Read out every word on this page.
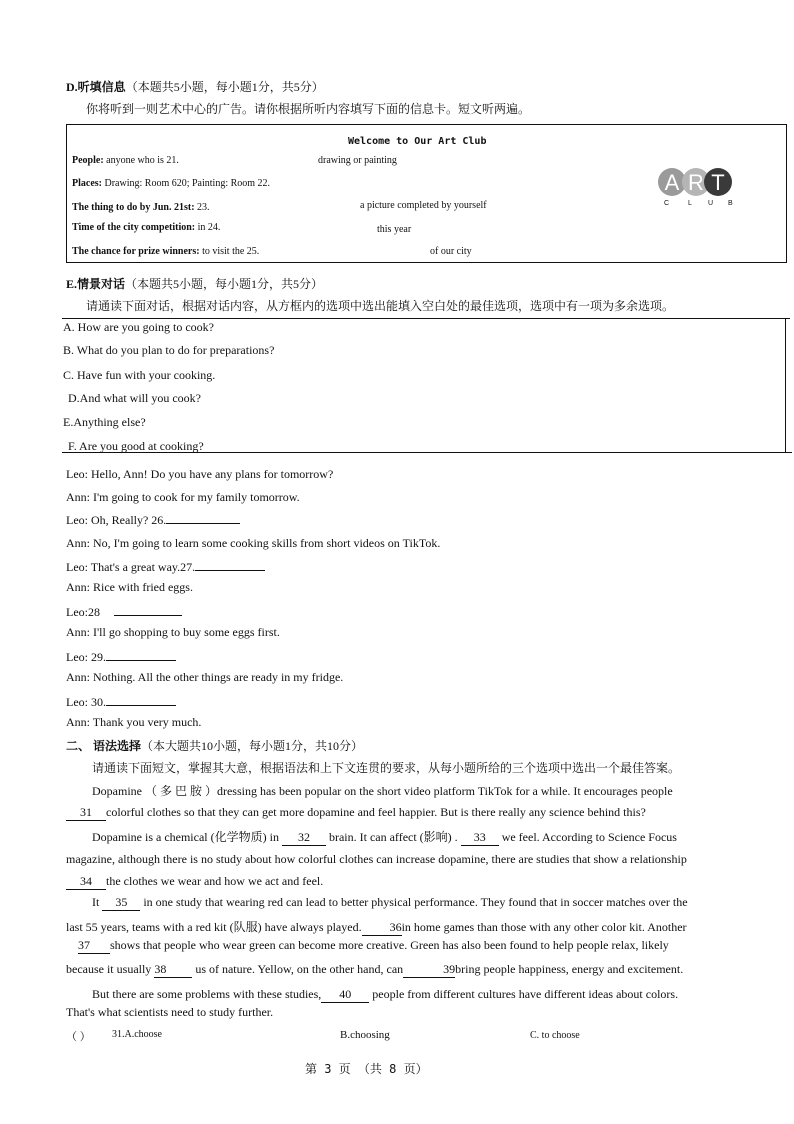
D.听填信息（本题共5小题，每小题1分，共5分）
你将听到一则艺术中心的广告。请你根据所听内容填写下面的信息卡。短文听两遍。
Welcome to Our Art Club
People: anyone who is 21.	drawing or painting
Places: Drawing: Room 620; Painting: Room 22.
The thing to do by Jun. 21st: 23.	a picture completed by yourself
Time of the city competition: in 24.	this year
The chance for prize winners: to visit the 25.	of our city
A R T
C	L U B
E.情景对话（本题共5小题，每小题1分，共5分）
请通读下面对话，根据对话内容，从方框内的选项中选出能填入空白处的最佳选项，选项中有一项为多余选项。
A. How are you going to cook?
B. What do you plan to do for preparations?
C. Have fun with your cooking.
D.And what will you cook?
E.Anything else?
F. Are you good at cooking?
Leo: Hello, Ann! Do you have any plans for tomorrow?
Ann: I'm going to cook for my family tomorrow.
Leo: Oh, Really? 26.
Ann: No, I'm going to learn some cooking skills from short videos on TikTok.
Leo: That's a great way.27.
Ann: Rice with fried eggs.
Leo:28
Ann: I'll go shopping to buy some eggs first.
Leo: 29.
Ann: Nothing. All the other things are ready in my fridge.
Leo: 30.
Ann: Thank you very much.
二、 语法选择（本大题共10小题，每小题1分，共10分）
请通读下面短文，掌握其大意，根据语法和上下文连贯的要求，从每小题所给的三个选项中选出一个最佳答案。
Dopamine （ 多 巴 胺 ）dressing has been popular on the short video platform TikTok for a while. It encourages people
31 colorful clothes so that they can get more dopamine and feel happier. But is there really any science behind this?
Dopamine is a chemical (化学物质) in 32 brain. It can affect (影响) . 33 we feel. According to Science Focus
magazine, although there is no study about how colorful clothes can increase dopamine, there are studies that show a relationship
34 the clothes we wear and how we act and feel.
It 35 in one study that wearing red can lead to better physical performance. They found that in soccer matches over the
last 55 years, teams with a red kit (队服) have always played. 36in home games than those with any other color kit. Another
37 shows that people who wear green can become more creative. Green has also been found to help people relax, likely
because it usually 38 us of nature. Yellow, on the other hand, can	39bring people happiness, energy and excitement.
But there are some problems with these studies, 40 people from different cultures have different ideas about colors.
That's what scientists need to study further.
（ ） 31.A.choose	B.choosing	C. to choose
第 3 页 （共 8 页）
